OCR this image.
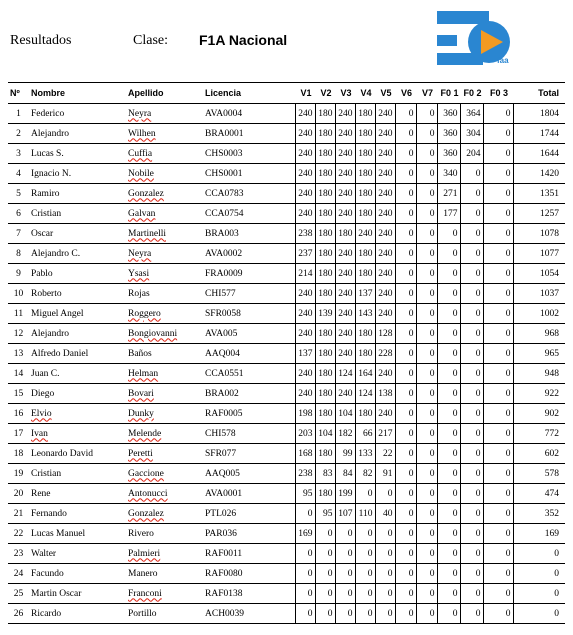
Resultados	Clase: F1A Nacional
faa
Nº	Nombre	Apellido	Licencia	V1	V2	V3	V4	V5	V6	V7	F0 1	F0 2	F0 3	Total
1	Federico	Neyra	AVA0004	240	180	240	180	240	0	0	360	364	0	1804
2	Alejandro	Wilhen	BRA0001	240	180	240	180	240	0	0	360	304	0	1744
3	Lucas S.	Cuffia	CHS0003	240	180	240	180	240	0	0	360	204	0	1644
4	Ignacio N.	Nobile	CHS0001	240	180	240	180	240	0	0	340	0	0	1420
5	Ramiro	Gonzalez	CCA0783	240	180	240	180	240	0	0	271	0	0	1351
6	Cristian	Galvan	CCA0754	240	180	240	180	240	0	0	177	0	0	1257
7	Oscar	Martinelli	BRA003	238	180	180	240	240	0	0	0	0	0	1078
8	Alejandro C.	Neyra	AVA0002	237	180	240	180	240	0	0	0	0	0	1077
9	Pablo	Ysasi	FRA0009	214	180	240	180	240	0	0	0	0	0	1054
10	Roberto	Rojas	CHI577	240	180	240	137	240	0	0	0	0	0	1037
11	Miguel Angel	Roggero	SFR0058	240	139	240	143	240	0	0	0	0	0	1002
12	Alejandro	Bongiovanni	AVA005	240	180	240	180	128	0	0	0	0	0	968
13	Alfredo Daniel	Baños	AAQ004	137	180	240	180	228	0	0	0	0	0	965
14	Juan C.	Helman	CCA0551	240	180	124	164	240	0	0	0	0	0	948
15	Diego	Bovari	BRA002	240	180	240	124	138	0	0	0	0	0	922
16	Elvio	Dunky	RAF0005	198	180	104	180	240	0	0	0	0	0	902
17	Ivan	Melende	CHI578	203	104	182	66	217	0	0	0	0	0	772
18	Leonardo David	Peretti	SFR077	168	180	99	133	22	0	0	0	0	0	602
19	Cristian	Gaccione	AAQ005	238	83	84	82	91	0	0	0	0	0	578
20	Rene	Antonucci	AVA0001	95	180	199	0	0	0	0	0	0	0	474
21	Fernando	Gonzalez	PTL026	0	95	107	110	40	0	0	0	0	0	352
22	Lucas Manuel	Rivero	PAR036	169	0	0	0	0	0	0	0	0	0	169
23	Walter	Palmieri	RAF0011	0	0	0	0	0	0	0	0	0	0	0
24	Facundo	Manero	RAF0080	0	0	0	0	0	0	0	0	0	0	0
25	Martin Oscar	Franconi	RAF0138	0	0	0	0	0	0	0	0	0	0	0
26	Ricardo	Portillo	ACH0039	0	0	0	0	0	0	0	0	0	0	0
